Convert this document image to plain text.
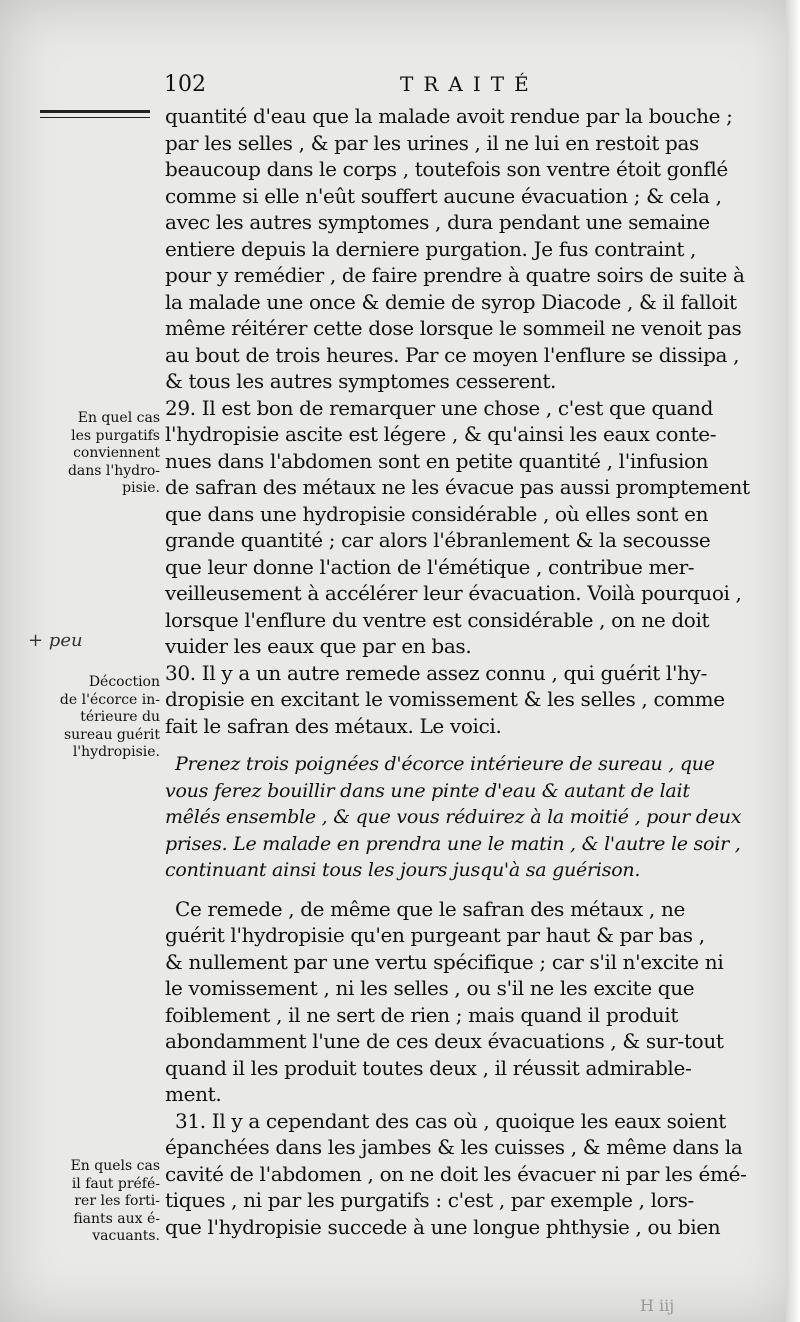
102	TRAITÉ
En quel cas
les purgatifs
conviennent
dans l'hydro-
pisie.
+ peu
Décoction
de l'écorce in-
térieure du
sureau guérit
l'hydropisie.
En quels cas
il faut préfé-
rer les forti-
fiants aux é-
vacuants.
quantité d'eau que la malade avoit rendue par la bouche ;
par les selles , & par les urines , il ne lui en restoit pas
beaucoup dans le corps , toutefois son ventre étoit gonflé
comme si elle n'eût souffert aucune évacuation ; & cela ,
avec les autres symptomes , dura pendant une semaine
entiere depuis la derniere purgation. Je fus contraint ,
pour y remédier , de faire prendre à quatre soirs de suite à
la malade une once & demie de syrop Diacode , & il falloit
même réitérer cette dose lorsque le sommeil ne venoit pas
au bout de trois heures. Par ce moyen l'enflure se dissipa ,
& tous les autres symptomes cesserent.
29. Il est bon de remarquer une chose , c'est que quand
l'hydropisie ascite est légere , & qu'ainsi les eaux conte-
nues dans l'abdomen sont en petite quantité , l'infusion
de safran des métaux ne les évacue pas aussi promptement
que dans une hydropisie considérable , où elles sont en
grande quantité ; car alors l'ébranlement & la secousse
que leur donne l'action de l'émétique , contribue mer-
veilleusement à accélérer leur évacuation. Voilà pourquoi ,
lorsque l'enflure du ventre est considérable , on ne doit
vuider les eaux que par en bas.
30. Il y a un autre remede assez connu , qui guérit l'hy-
dropisie en excitant le vomissement & les selles , comme
fait le safran des métaux. Le voici.
Prenez trois poignées d'écorce intérieure de sureau , que
vous ferez bouillir dans une pinte d'eau & autant de lait
mêlés ensemble , & que vous réduirez à la moitié , pour deux
prises. Le malade en prendra une le matin , & l'autre le soir ,
continuant ainsi tous les jours jusqu'à sa guérison.
Ce remede , de même que le safran des métaux , ne
guérit l'hydropisie qu'en purgeant par haut & par bas ,
& nullement par une vertu spécifique ; car s'il n'excite ni
le vomissement , ni les selles , ou s'il ne les excite que
foiblement , il ne sert de rien ; mais quand il produit
abondamment l'une de ces deux évacuations , & sur-tout
quand il les produit toutes deux , il réussit admirable-
ment.
31. Il y a cependant des cas où , quoique les eaux soient
épanchées dans les jambes & les cuisses , & même dans la
cavité de l'abdomen , on ne doit les évacuer ni par les émé-
tiques , ni par les purgatifs : c'est , par exemple , lors-
que l'hydropisie succede à une longue phthysie , ou bien
H iij
